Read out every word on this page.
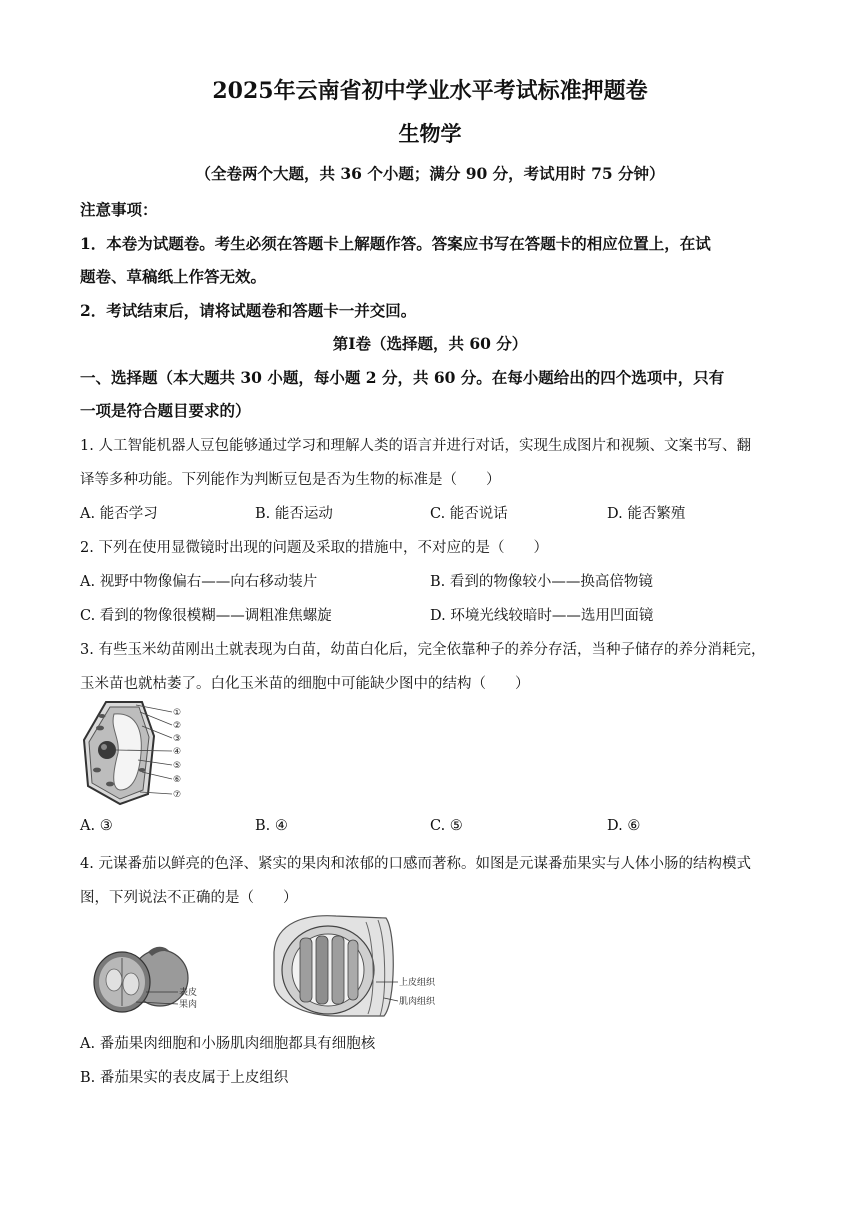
2025年云南省初中学业水平考试标准押题卷
生物学
（全卷两个大题，共 36 个小题；满分 90 分，考试用时 75 分钟）
注意事项：
1．本卷为试题卷。考生必须在答题卡上解题作答。答案应书写在答题卡的相应位置上，在试
题卷、草稿纸上作答无效。
2．考试结束后，请将试题卷和答题卡一并交回。
第Ⅰ卷（选择题，共 60 分）
一、选择题（本大题共 30 小题，每小题 2 分，共 60 分。在每小题给出的四个选项中，只有
一项是符合题目要求的）
1. 人工智能机器人豆包能够通过学习和理解人类的语言并进行对话，实现生成图片和视频、文案书写、翻
译等多种功能。下列能作为判断豆包是否为生物的标准是（　　）
A. 能否学习	B. 能否运动	C. 能否说话	D. 能否繁殖
2. 下列在使用显微镜时出现的问题及采取的措施中，不对应的是（　　）
A. 视野中物像偏右——向右移动装片	B. 看到的物像较小——换高倍物镜
C. 看到的物像很模糊——调粗准焦螺旋	D. 环境光线较暗时——选用凹面镜
3. 有些玉米幼苗刚出土就表现为白苗，幼苗白化后，完全依靠种子的养分存活，当种子储存的养分消耗完，
玉米苗也就枯萎了。白化玉米苗的细胞中可能缺少图中的结构（　　）
①
②
③
④
⑤
⑥
⑦
A. ③	B. ④	C. ⑤	D. ⑥
4. 元谋番茄以鲜亮的色泽、紧实的果肉和浓郁的口感而著称。如图是元谋番茄果实与人体小肠的结构模式
图，下列说法不正确的是（　　）
表皮
果肉
上皮组织
肌肉组织
A. 番茄果肉细胞和小肠肌肉细胞都具有细胞核
B. 番茄果实的表皮属于上皮组织
